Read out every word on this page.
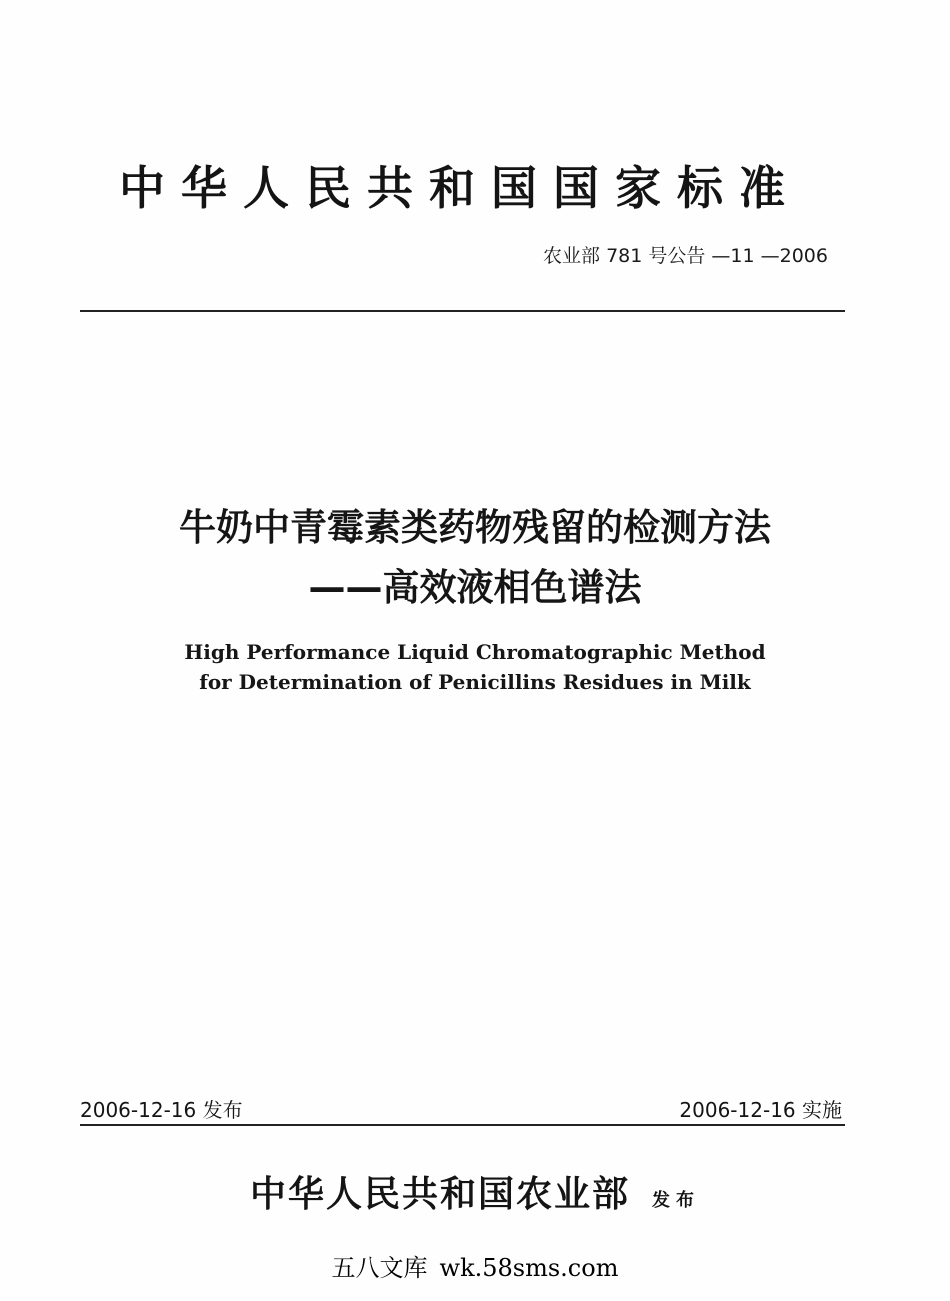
中华人民共和国国家标准
农业部 781 号公告 —11 —2006
牛奶中青霉素类药物残留的检测方法
——高效液相色谱法
High Performance Liquid Chromatographic Method
for Determination of Penicillins Residues in Milk
2006-12-16 发布	2006-12-16 实施
中华人民共和国农业部 发布
五八文库 wk.58sms.com
